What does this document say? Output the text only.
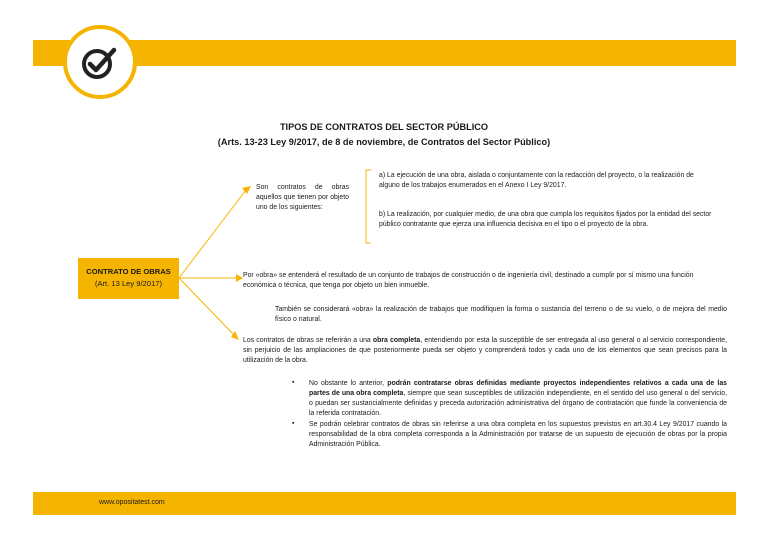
TIPOS DE CONTRATOS DEL SECTOR PÚBLICO
(Arts. 13-23 Ley 9/2017, de 8 de noviembre, de Contratos del Sector Público)
CONTRATO DE OBRAS
(Art. 13 Ley 9/2017)
Son contratos de obras aquellos que tienen por objeto uno de los siguientes:
a) La ejecución de una obra, aislada o conjuntamente con la redacción del proyecto, o la realización de alguno de los trabajos enumerados en el Anexo I Ley 9/2017.
b) La realización, por cualquier medio, de una obra que cumpla los requisitos fijados por la entidad del sector público contratante que ejerza una influencia decisiva en el tipo o el proyecto de la obra.
Por «obra» se entenderá el resultado de un conjunto de trabajos de construcción o de ingeniería civil, destinado a cumplir por sí mismo una función económica o técnica, que tenga por objeto un bien inmueble.
También se considerará «obra» la realización de trabajos que modifiquen la forma o sustancia del terreno o de su vuelo, o de mejora del medio físico o natural.
Los contratos de obras se referirán a una obra completa, entendiendo por esta la susceptible de ser entregada al uso general o al servicio correspondiente, sin perjuicio de las ampliaciones de que posteriormente pueda ser objeto y comprenderá todos y cada uno de los elementos que sean precisos para la utilización de la obra.
▪ No obstante lo anterior, podrán contratarse obras definidas mediante proyectos independientes relativos a cada una de las partes de una obra completa, siempre que sean susceptibles de utilización independiente, en el sentido del uso general o del servicio, o puedan ser sustancialmente definidas y preceda autorización administrativa del órgano de contratación que funde la conveniencia de la referida contratación.
▪ Se podrán celebrar contratos de obras sin referirse a una obra completa en los supuestos previstos en art.30.4 Ley 9/2017 cuando la responsabilidad de la obra completa corresponda a la Administración por tratarse de un supuesto de ejecución de obras por la propia Administración Pública.
www.opositatest.com
